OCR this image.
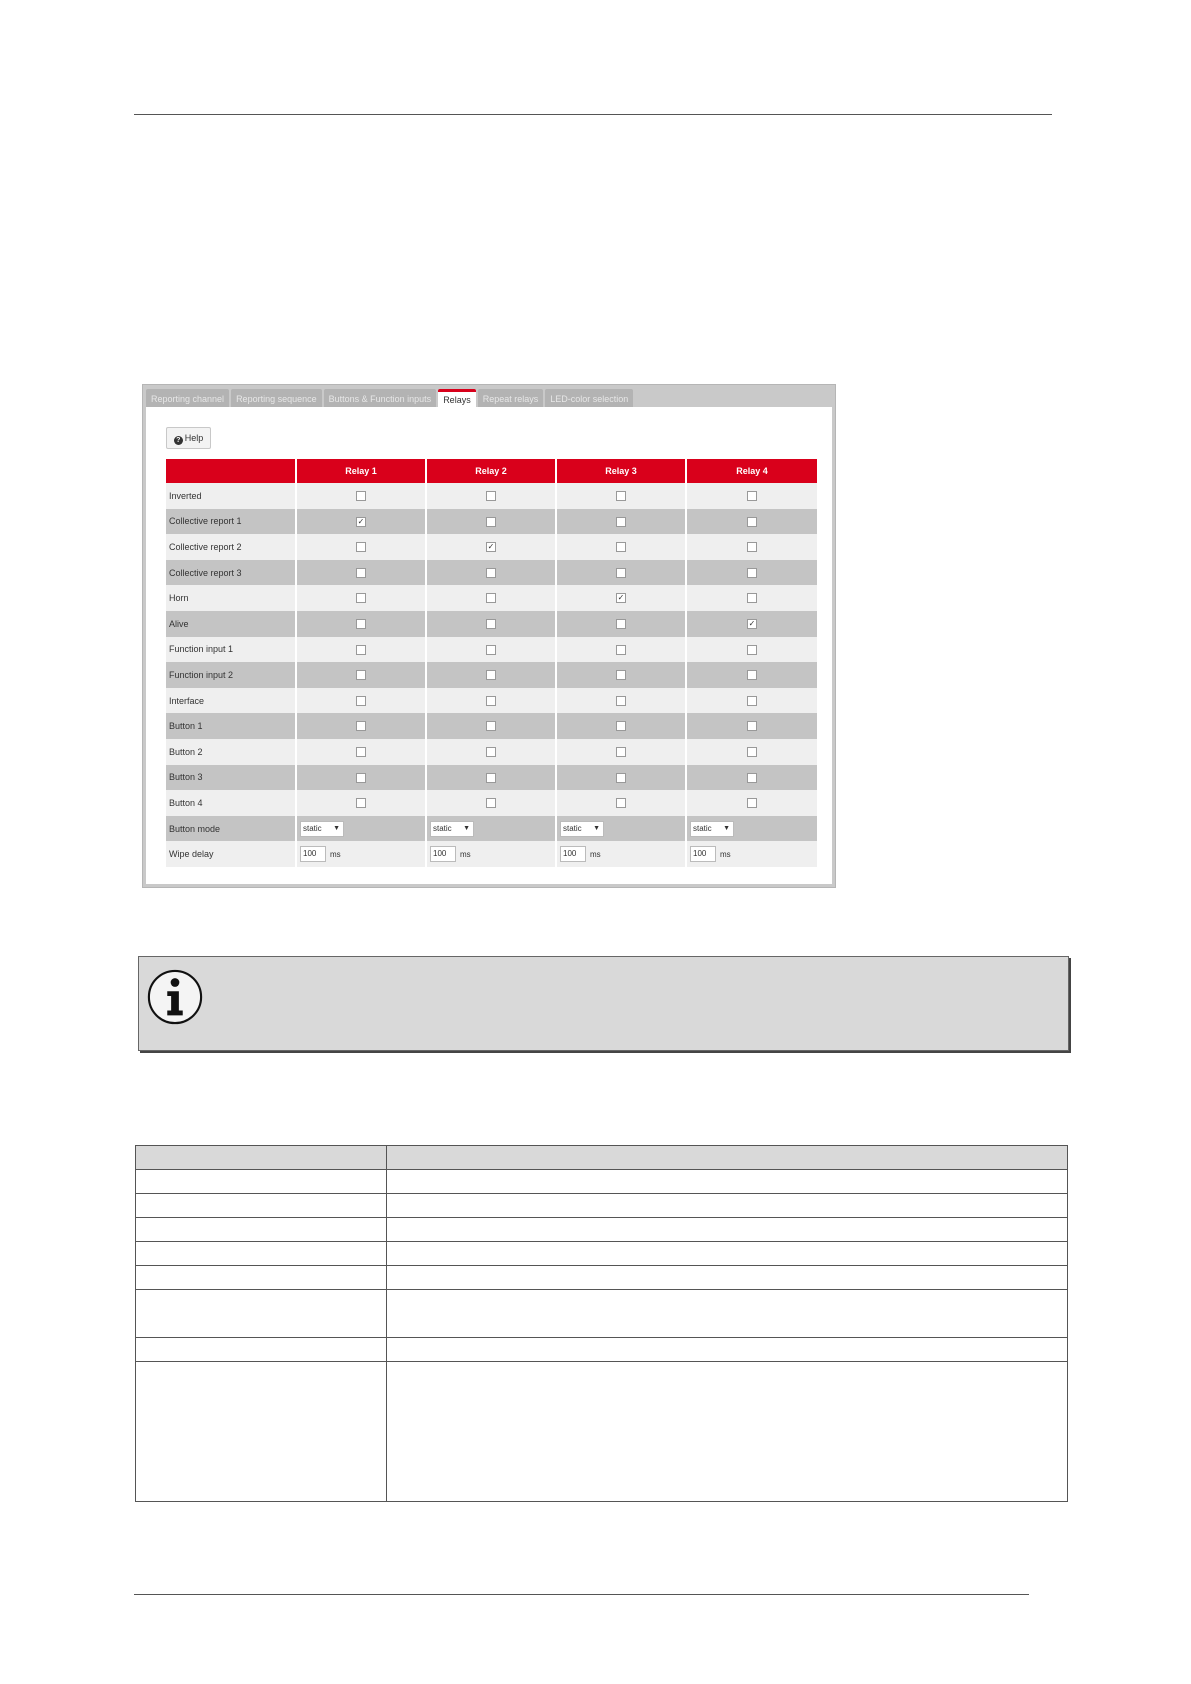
Reporting channel	Reporting sequence	Buttons & Function inputs	Relays	Repeat relays	LED-color selection
? Help
	Relay 1	Relay 2	Relay 3	Relay 4
Inverted				
Collective report 1	✓			
Collective report 2		✓		
Collective report 3				
Horn			✓	
Alive				✓
Function input 1				
Function input 2				
Interface				
Button 1				
Button 2				
Button 3				
Button 4				
Button mode	static ▼	static ▼	static ▼	static ▼

Wipe delay	100 ms	100 ms	100 ms	100 ms
